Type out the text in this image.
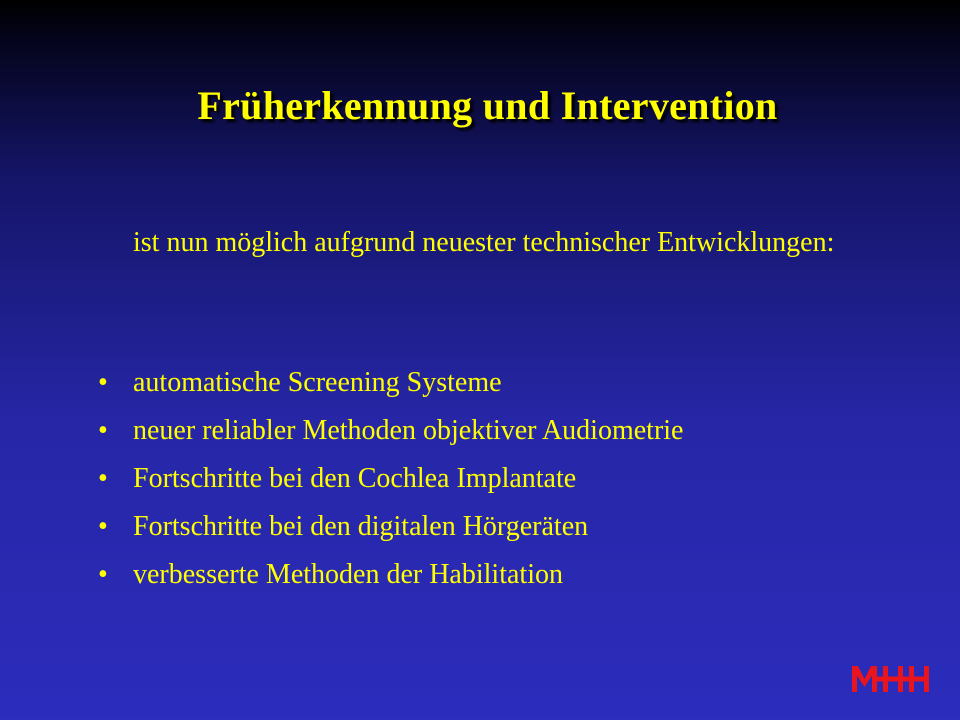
Früherkennung und Intervention
ist nun möglich aufgrund neuester technischer Entwicklungen:
• automatische Screening Systeme
• neuer reliabler Methoden objektiver Audiometrie
• Fortschritte bei den Cochlea Implantate
• Fortschritte bei den digitalen Hörgeräten
• verbesserte Methoden der Habilitation
